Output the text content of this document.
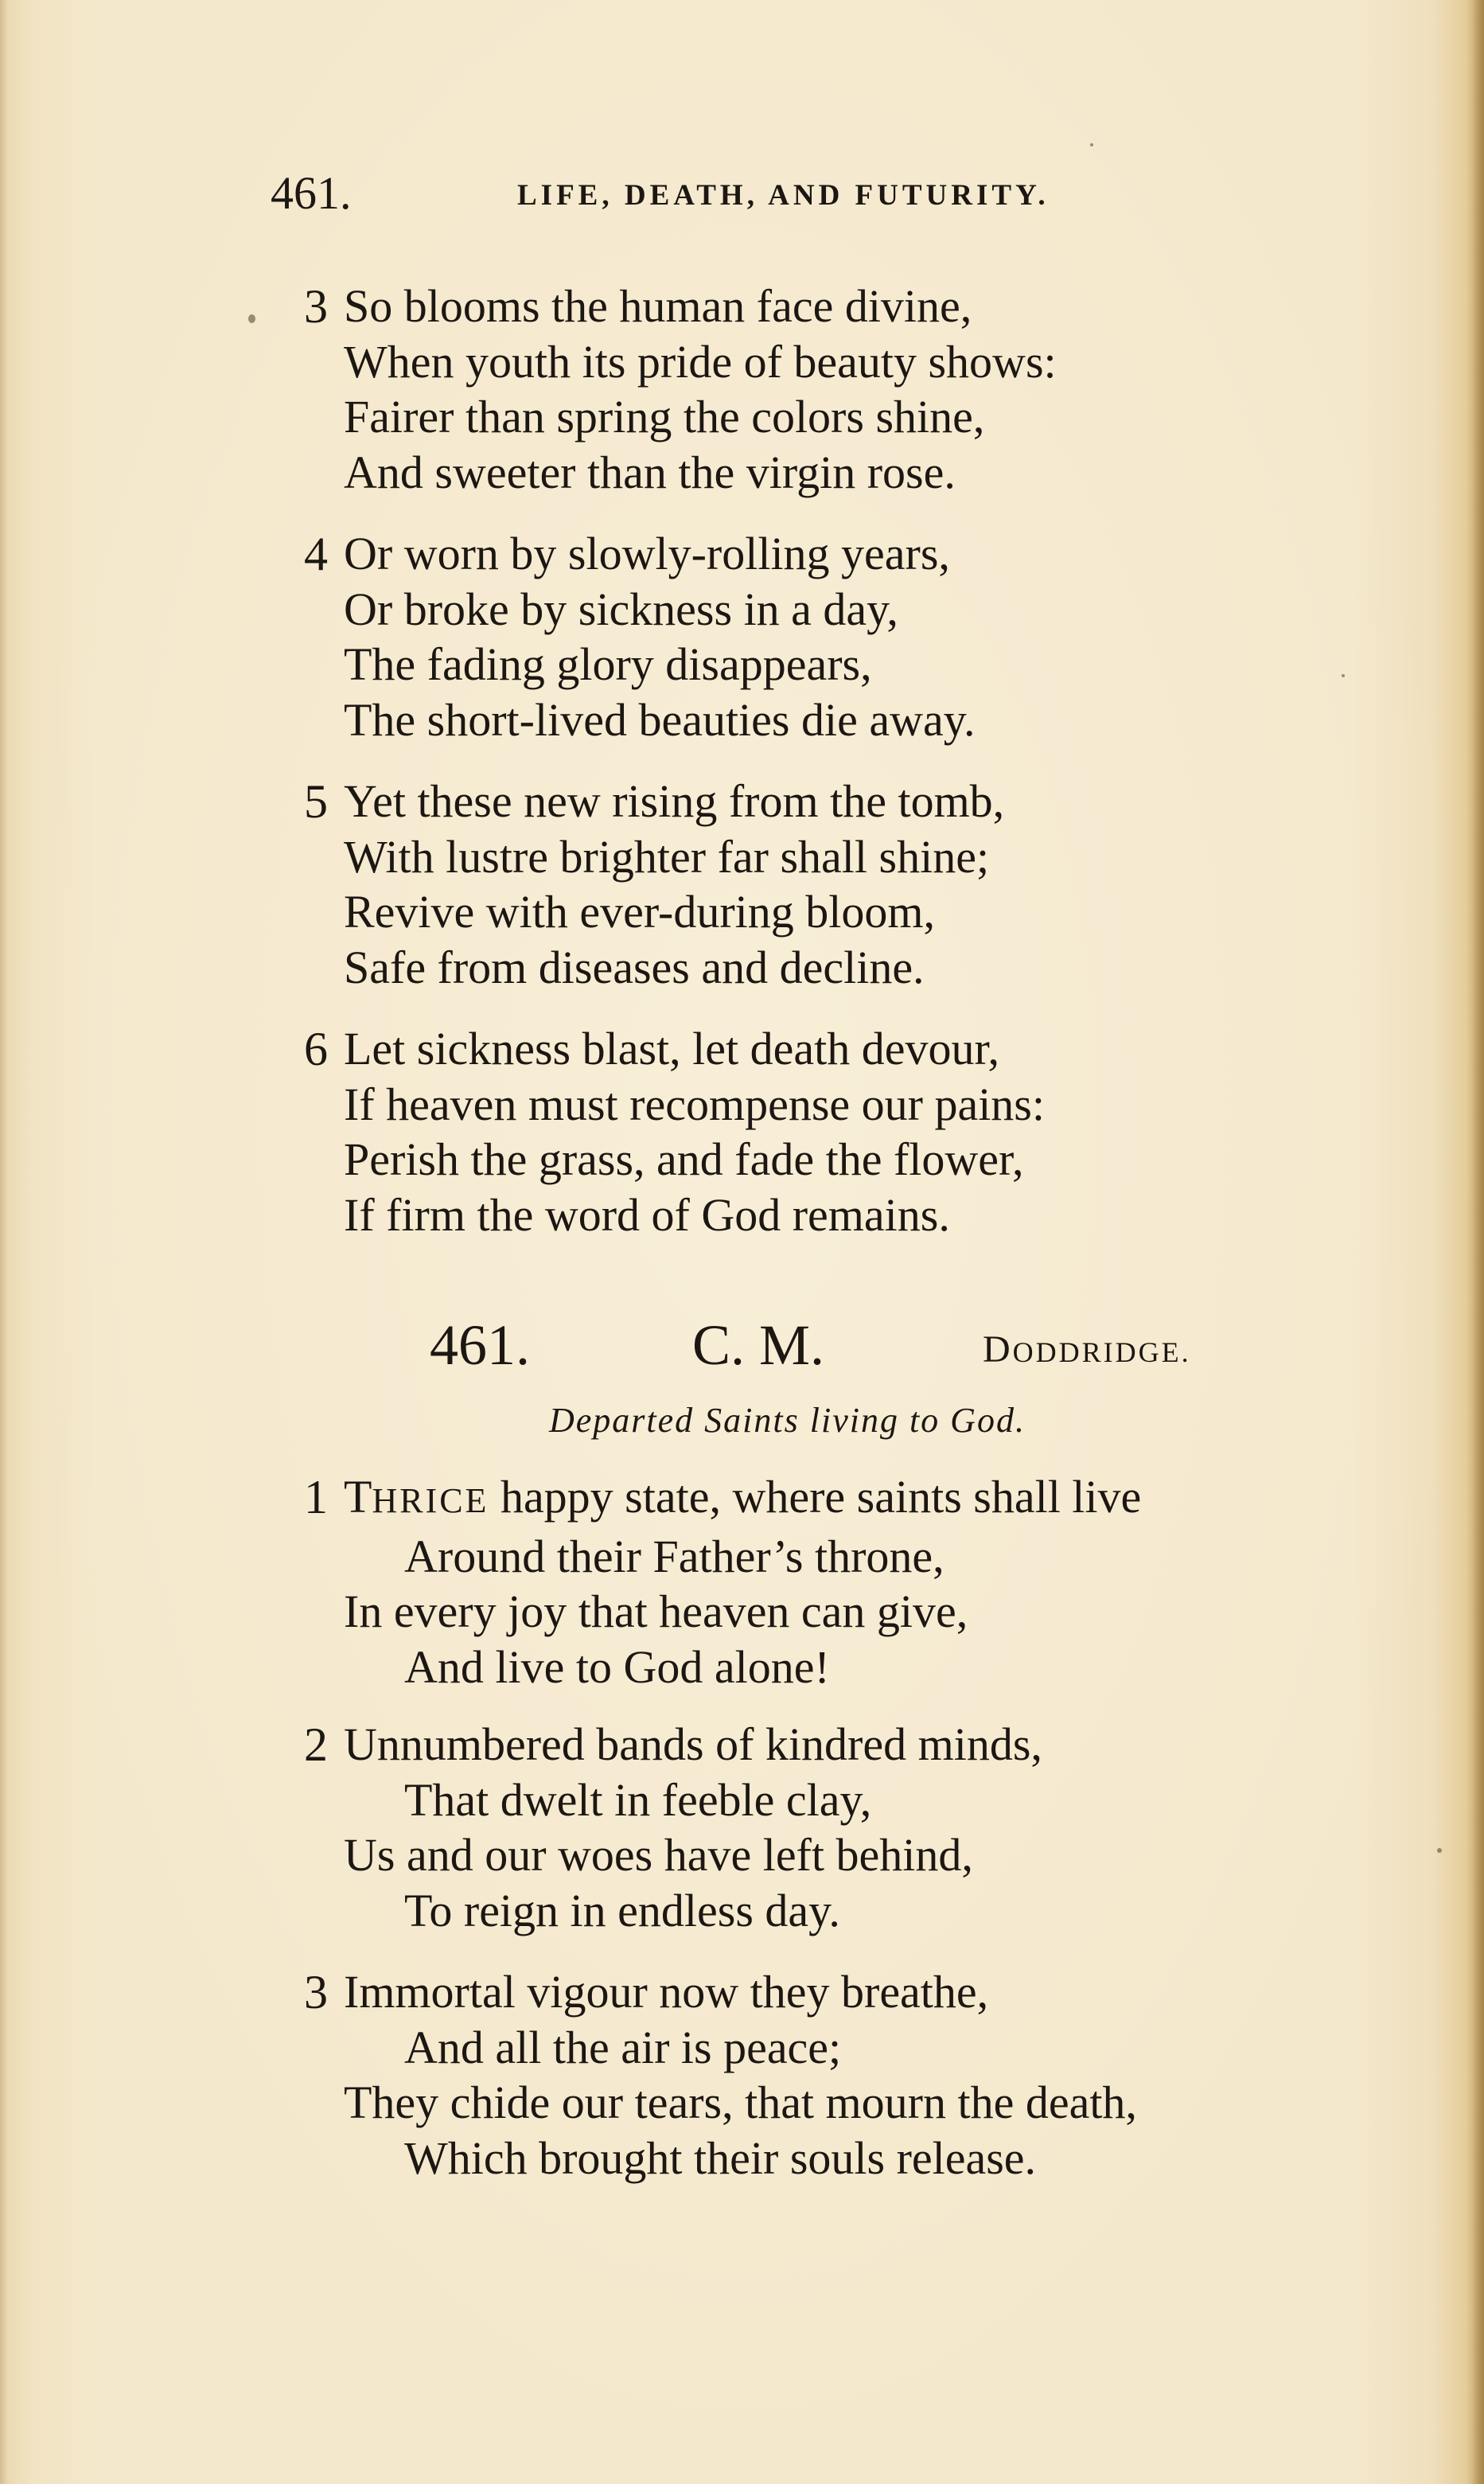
461.	LIFE, DEATH, AND FUTURITY.
3 So blooms the human face divine,
When youth its pride of beauty shows:
Fairer than spring the colors shine,
And sweeter than the virgin rose.
4 Or worn by slowly-rolling years,
Or broke by sickness in a day,
The fading glory disappears,
The short-lived beauties die away.
5 Yet these new rising from the tomb,
With lustre brighter far shall shine;
Revive with ever-during bloom,
Safe from diseases and decline.
6 Let sickness blast, let death devour,
If heaven must recompense our pains:
Perish the grass, and fade the flower,
If firm the word of God remains.
461.	C. M.	DODDRIDGE.
Departed Saints living to God.
1 THRICE happy state, where saints shall live
Around their Father’s throne,
In every joy that heaven can give,
And live to God alone!
2 Unnumbered bands of kindred minds,
That dwelt in feeble clay,
Us and our woes have left behind,
To reign in endless day.
3 Immortal vigour now they breathe,
And all the air is peace;
They chide our tears, that mourn the death,
Which brought their souls release.
